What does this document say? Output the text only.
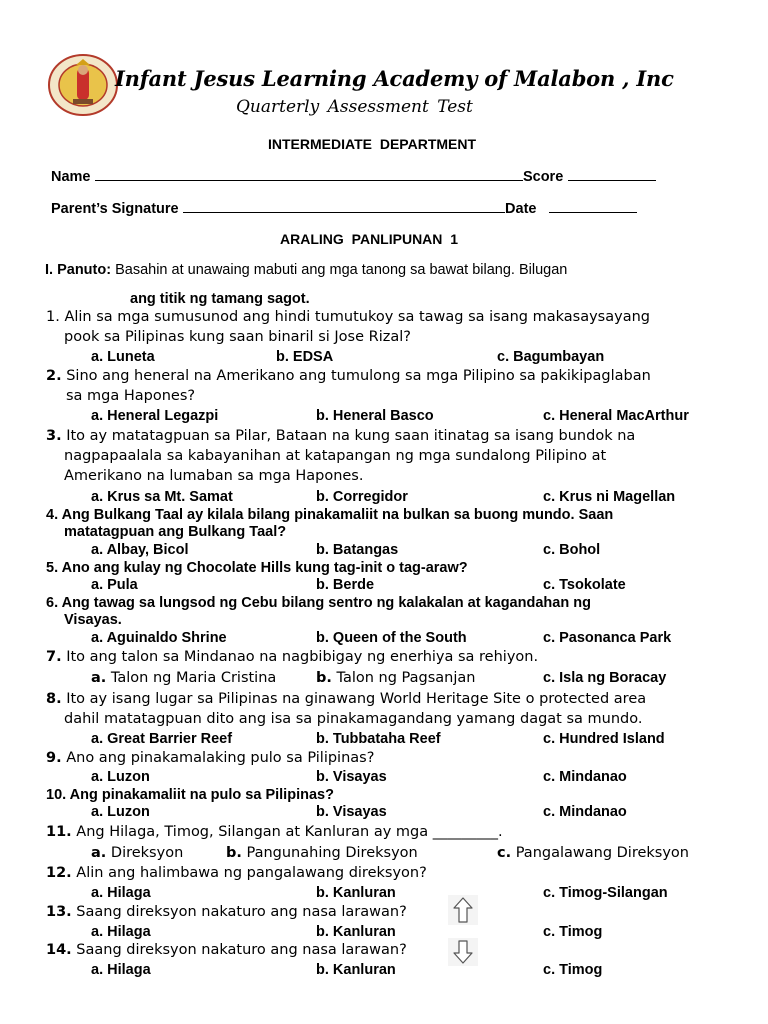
Infant Jesus Learning Academy of Malabon , Inc
Quarterly Assessment Test
INTERMEDIATE DEPARTMENT
Name	Score
Parent’s Signature	Date
ARALING PANLIPUNAN 1
I. Panuto: Basahin at unawaing mabuti ang mga tanong sa bawat bilang. Bilugan
ang titik ng tamang sagot.
1. Alin sa mga sumusunod ang hindi tumutukoy sa tawag sa isang makasaysayang
pook sa Pilipinas kung saan binaril si Jose Rizal?
a. Luneta	b. EDSA	c. Bagumbayan
2. Sino ang heneral na Amerikano ang tumulong sa mga Pilipino sa pakikipaglaban
sa mga Hapones?
a. Heneral Legazpi	b. Heneral Basco	c. Heneral MacArthur
3. Ito ay matatagpuan sa Pilar, Bataan na kung saan itinatag sa isang bundok na
nagpapaalala sa kabayanihan at katapangan ng mga sundalong Pilipino at
Amerikano na lumaban sa mga Hapones.
a. Krus sa Mt. Samat	b. Corregidor	c. Krus ni Magellan
4. Ang Bulkang Taal ay kilala bilang pinakamaliit na bulkan sa buong mundo. Saan
matatagpuan ang Bulkang Taal?
a. Albay, Bicol	b. Batangas	c. Bohol
5. Ano ang kulay ng Chocolate Hills kung tag-init o tag-araw?
a. Pula	b. Berde	c. Tsokolate
6. Ang tawag sa lungsod ng Cebu bilang sentro ng kalakalan at kagandahan ng
Visayas.
a. Aguinaldo Shrine	b. Queen of the South	c. Pasonanca Park
7. Ito ang talon sa Mindanao na nagbibigay ng enerhiya sa rehiyon.
a. Talon ng Maria Cristina	b. Talon ng Pagsanjan	c. Isla ng Boracay
8. Ito ay isang lugar sa Pilipinas na ginawang World Heritage Site o protected area
dahil matatagpuan dito ang isa sa pinakamagandang yamang dagat sa mundo.
a. Great Barrier Reef	b. Tubbataha Reef	c. Hundred Island
9. Ano ang pinakamalaking pulo sa Pilipinas?
a. Luzon	b. Visayas	c. Mindanao
10. Ang pinakamaliit na pulo sa Pilipinas?
a. Luzon	b. Visayas	c. Mindanao
11. Ang Hilaga, Timog, Silangan at Kanluran ay mga _________.
a. Direksyon	b. Pangunahing Direksyon	c. Pangalawang Direksyon
12. Alin ang halimbawa ng pangalawang direksyon?
a. Hilaga	b. Kanluran	c. Timog-Silangan
13. Saang direksyon nakaturo ang nasa larawan?
a. Hilaga	b. Kanluran	c. Timog
14. Saang direksyon nakaturo ang nasa larawan?
a. Hilaga	b. Kanluran	c. Timog
